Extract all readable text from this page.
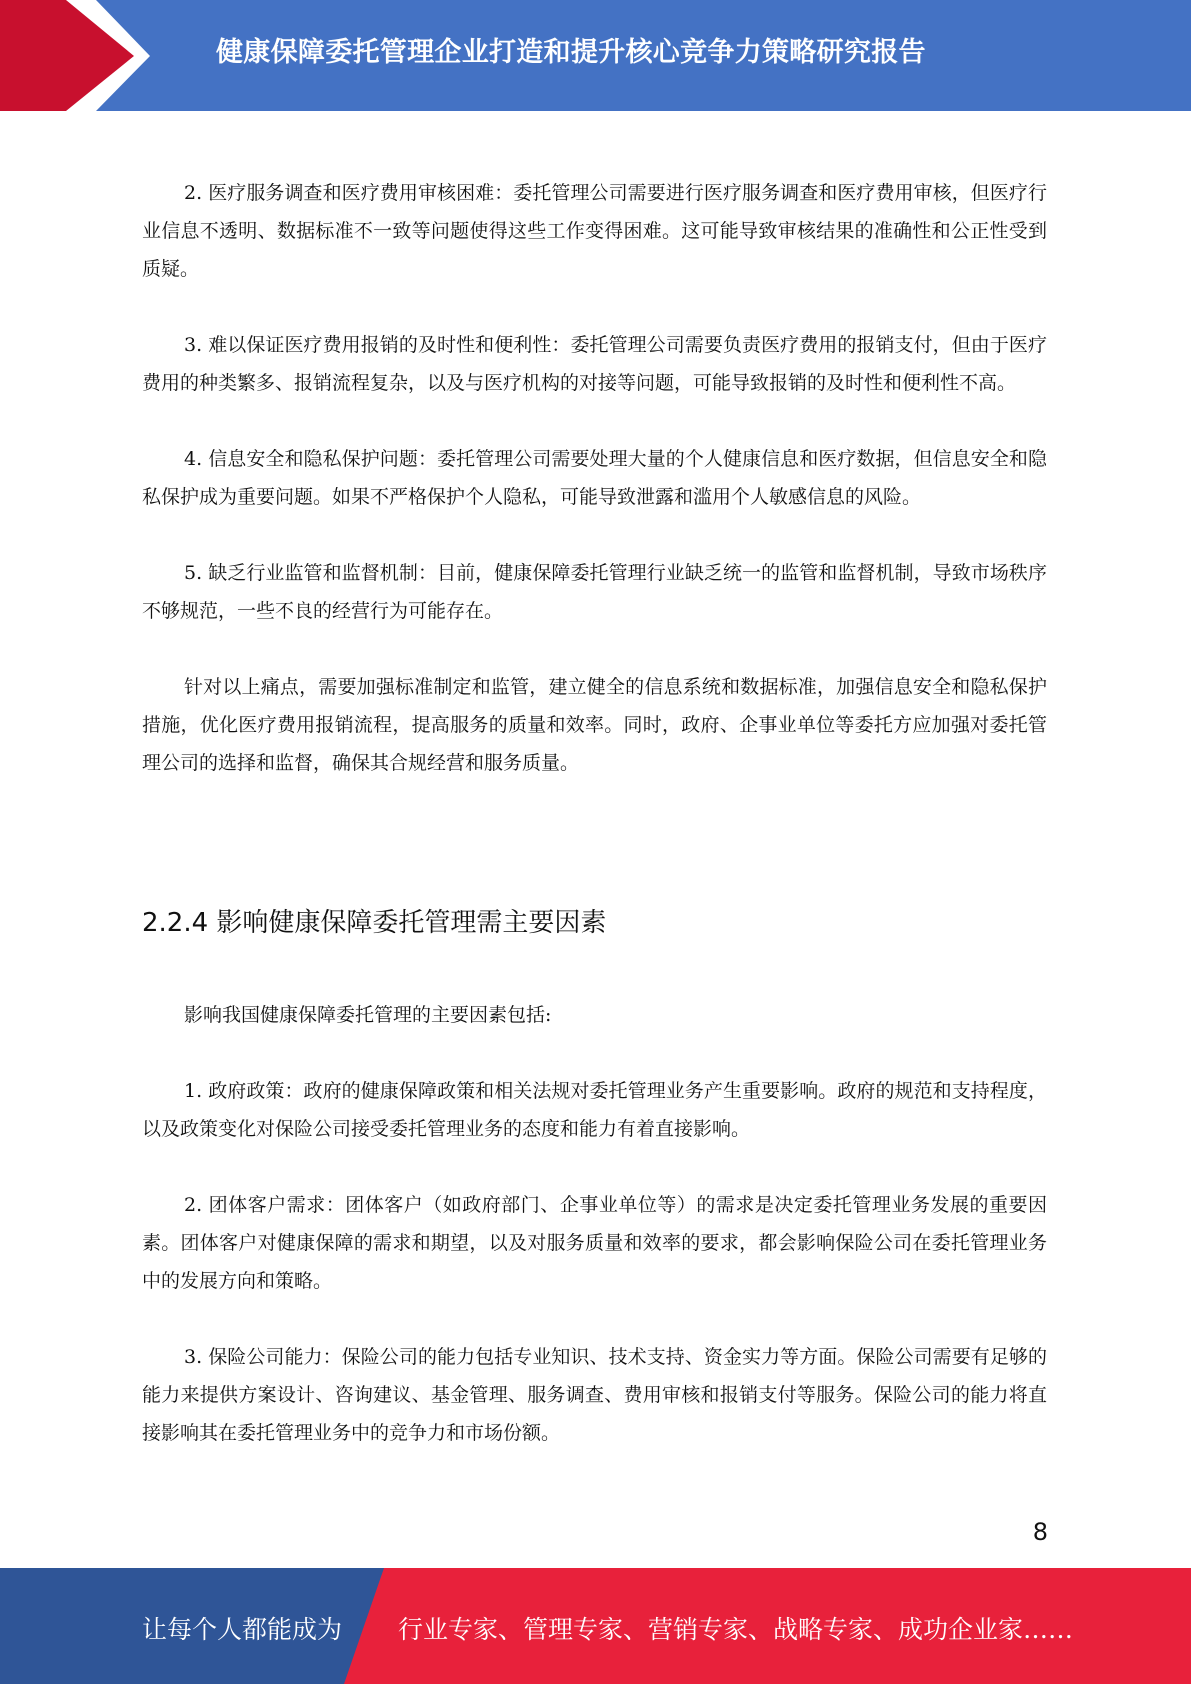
健康保障委托管理企业打造和提升核心竞争力策略研究报告

2. 医疗服务调查和医疗费用审核困难：委托管理公司需要进行医疗服务调查和医疗费用审核，但医疗行业信息不透明、数据标准不一致等问题使得这些工作变得困难。这可能导致审核结果的准确性和公正性受到质疑。

3. 难以保证医疗费用报销的及时性和便利性：委托管理公司需要负责医疗费用的报销支付，但由于医疗费用的种类繁多、报销流程复杂，以及与医疗机构的对接等问题，可能导致报销的及时性和便利性不高。

4. 信息安全和隐私保护问题：委托管理公司需要处理大量的个人健康信息和医疗数据，但信息安全和隐私保护成为重要问题。如果不严格保护个人隐私，可能导致泄露和滥用个人敏感信息的风险。

5. 缺乏行业监管和监督机制：目前，健康保障委托管理行业缺乏统一的监管和监督机制，导致市场秩序不够规范，一些不良的经营行为可能存在。

针对以上痛点，需要加强标准制定和监管，建立健全的信息系统和数据标准，加强信息安全和隐私保护措施，优化医疗费用报销流程，提高服务的质量和效率。同时，政府、企事业单位等委托方应加强对委托管理公司的选择和监督，确保其合规经营和服务质量。

2.2.4 影响健康保障委托管理需主要因素

影响我国健康保障委托管理的主要因素包括:

1. 政府政策：政府的健康保障政策和相关法规对委托管理业务产生重要影响。政府的规范和支持程度，以及政策变化对保险公司接受委托管理业务的态度和能力有着直接影响。

2. 团体客户需求：团体客户（如政府部门、企事业单位等）的需求是决定委托管理业务发展的重要因素。团体客户对健康保障的需求和期望，以及对服务质量和效率的要求，都会影响保险公司在委托管理业务中的发展方向和策略。

3. 保险公司能力：保险公司的能力包括专业知识、技术支持、资金实力等方面。保险公司需要有足够的能力来提供方案设计、咨询建议、基金管理、服务调查、费用审核和报销支付等服务。保险公司的能力将直接影响其在委托管理业务中的竞争力和市场份额。

8
让每个人都能成为 行业专家、管理专家、营销专家、战略专家、成功企业家……
